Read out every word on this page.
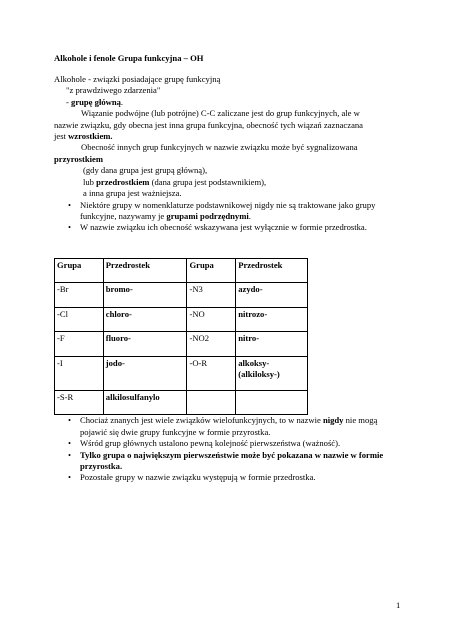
Alkohole i fenole Grupa funkcyjna – OH

Alkohole - związki posiadające grupę funkcyjną

"z prawdziwego zdarzenia"

- grupę główną.

Wiązanie podwójne (lub potrójne) C-C zaliczane jest do grup funkcyjnych, ale w nazwie związku, gdy obecna jest inna grupa funkcyjna, obecność tych wiązań zaznaczana jest wzrostkiem.

Obecność innych grup funkcyjnych w nazwie związku może być sygnalizowana przyrostkiem

(gdy dana grupa jest grupą główną),

lub przedrostkiem (dana grupa jest podstawnikiem),

a inna grupa jest ważniejsza.

• Niektóre grupy w nomenklaturze podstawnikowej nigdy nie są traktowane jako grupy funkcyjne, nazywamy je grupami podrzędnymi.
• W nazwie związku ich obecność wskazywana jest wyłącznie w formie przedrostka.
Grupa	Przedrostek	Grupa	Przedrostek
-Br	bromo-	-N3	azydo-
-Cl	chloro-	-NO	nitrozo-
-F	fluoro-	-NO2	nitro-
-I	jodo-	-O-R	alkoksy- (alkiloksy-)
-S-R	alkilosulfanylo		
• Chociaż znanych jest wiele związków wielofunkcyjnych, to w nazwie nigdy nie mogą pojawić się dwie grupy funkcyjne w formie przyrostka.
• Wśród grup głównych ustalono pewną kolejność pierwszeństwa (ważność).
• Tylko grupa o największym pierwszeństwie może być pokazana w nazwie w formie przyrostka.
• Pozostałe grupy w nazwie związku występują w formie przedrostka.
1
